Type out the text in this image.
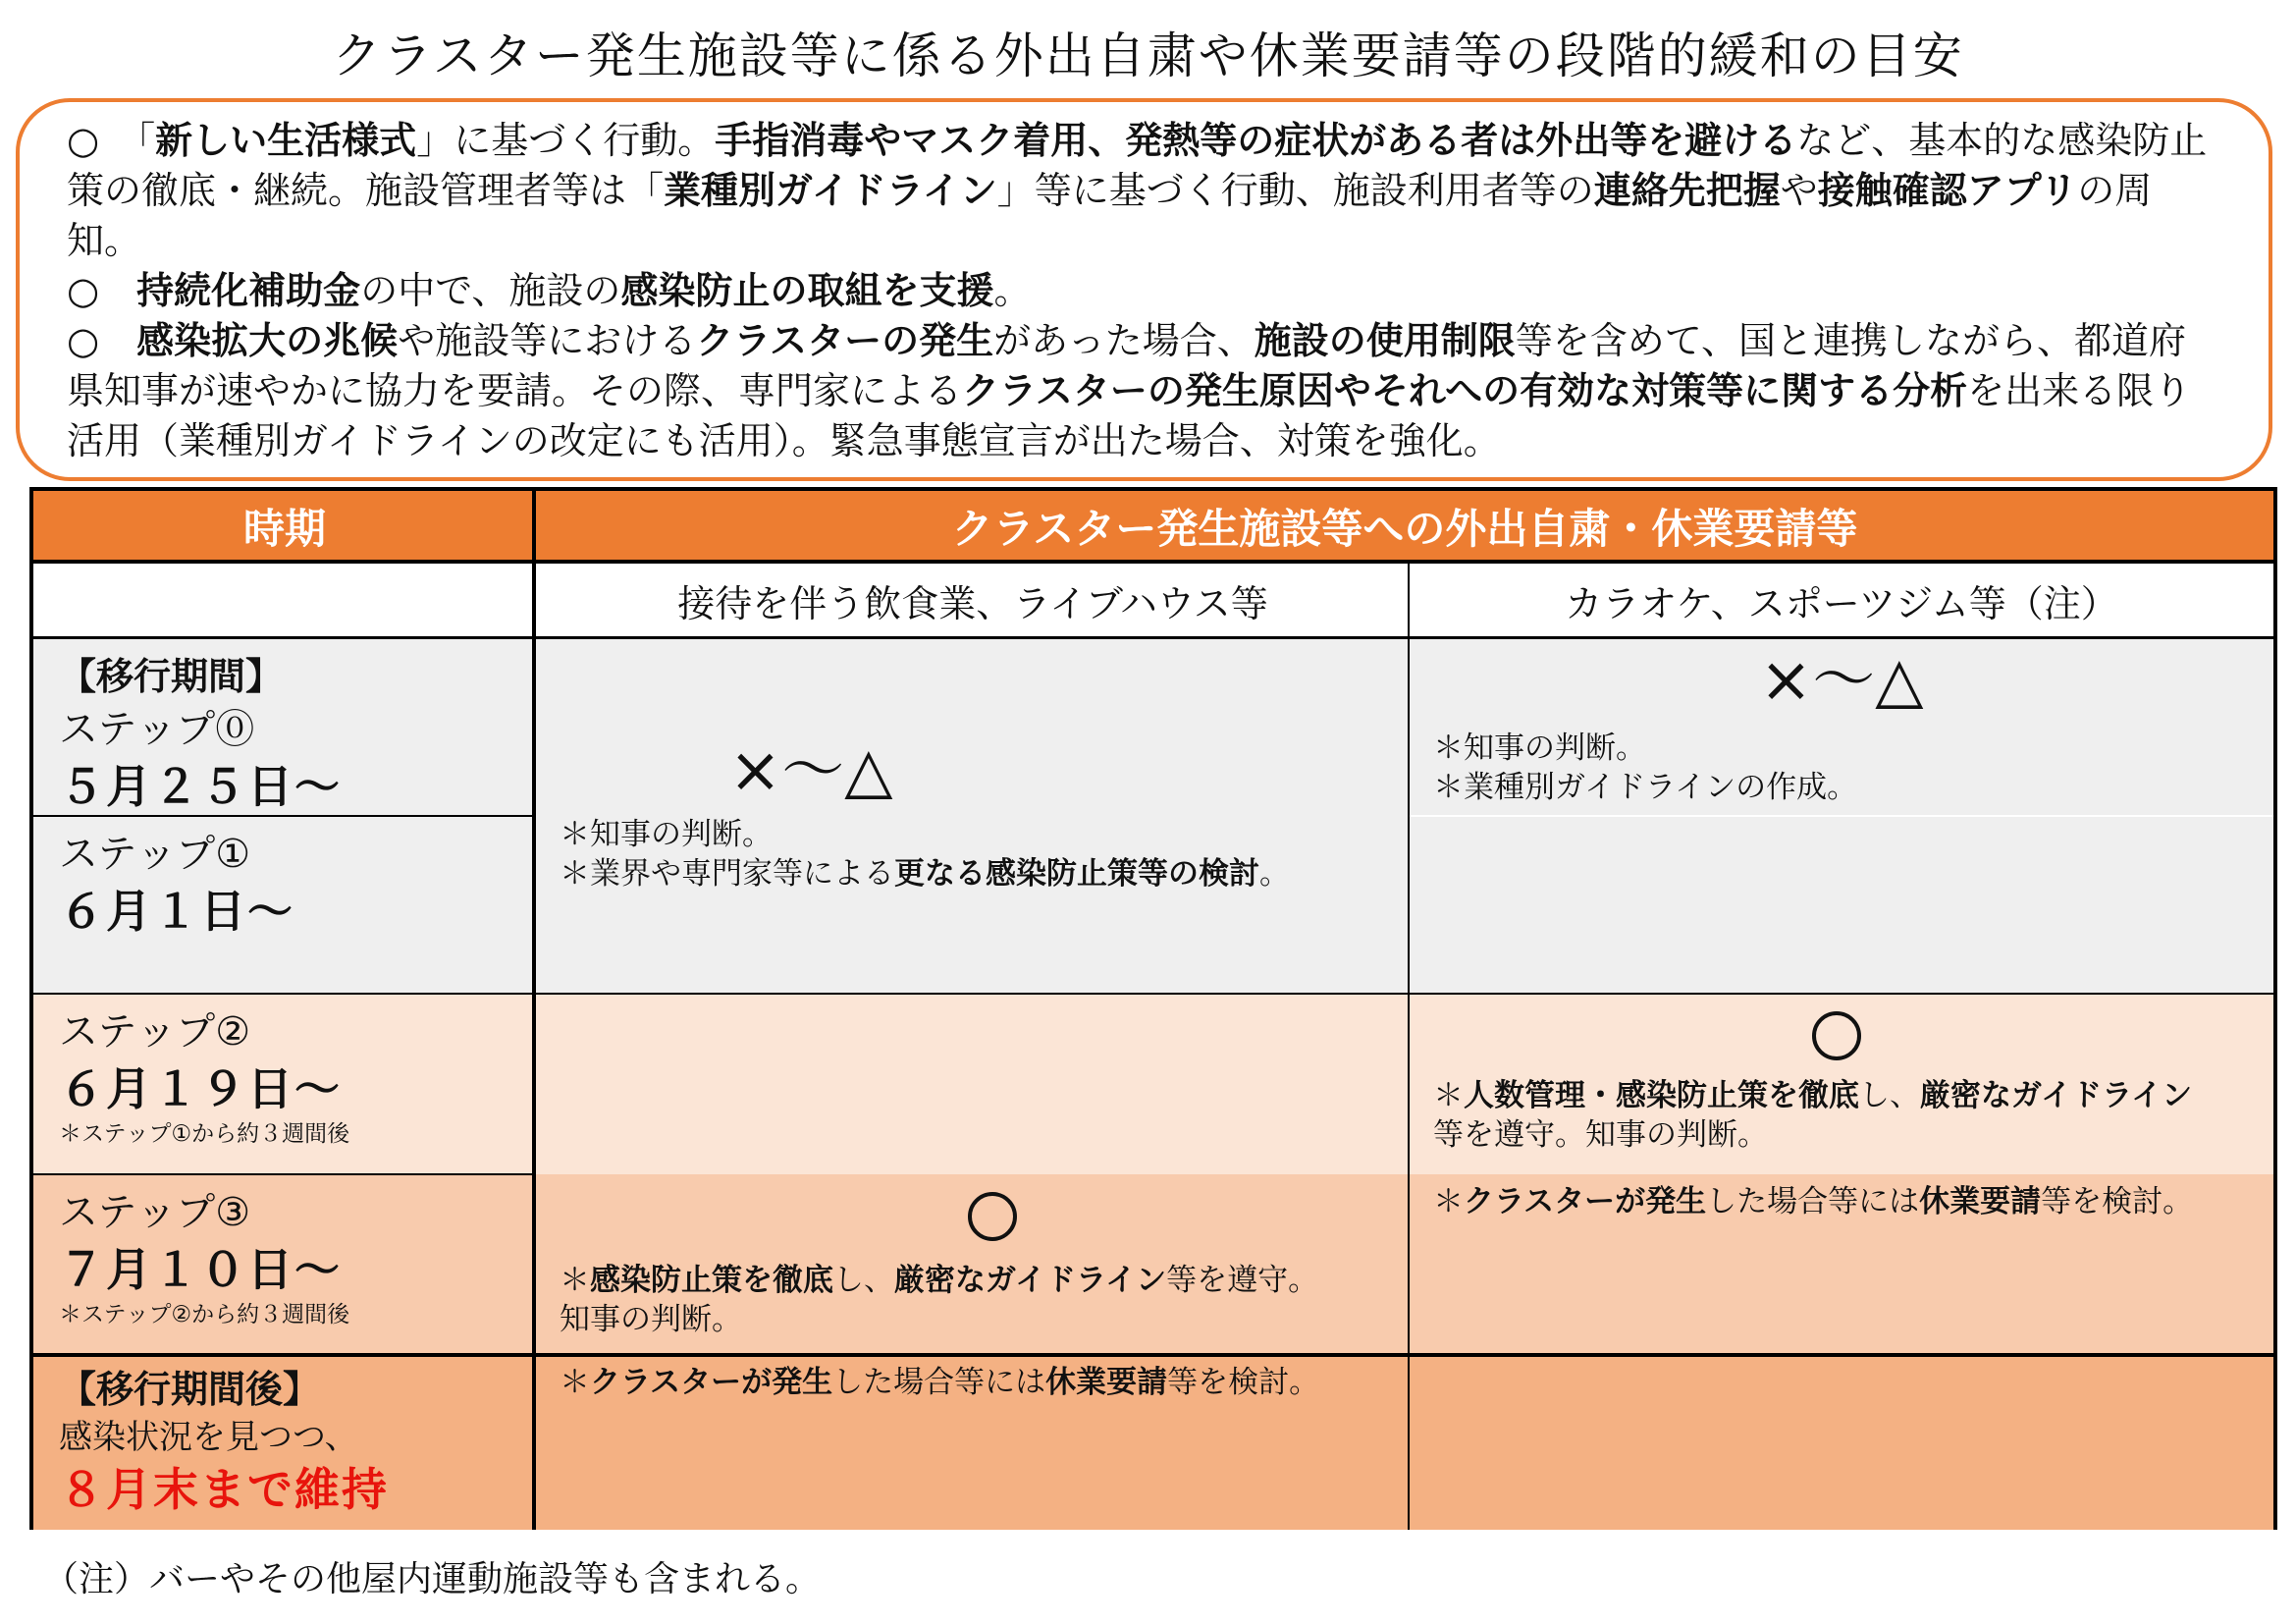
クラスター発生施設等に係る外出自粛や休業要請等の段階的緩和の目安

○　「新しい生活様式」に基づく行動。手指消毒やマスク着用、発熱等の症状がある者は外出等を避けるなど、基本的な感染防止策の徹底・継続。施設管理者等は「業種別ガイドライン」等に基づく行動、施設利用者等の連絡先把握や接触確認アプリの周知。

○　持続化補助金の中で、施設の感染防止の取組を支援。

○　感染拡大の兆候や施設等におけるクラスターの発生があった場合、施設の使用制限等を含めて、国と連携しながら、都道府県知事が速やかに協力を要請。その際、専門家によるクラスターの発生原因やそれへの有効な対策等に関する分析を出来る限り活用（業種別ガイドラインの改定にも活用）。緊急事態宣言が出た場合、対策を強化。

時期	クラスター発生施設等への外出自粛・休業要請等
接待を伴う飲食業、ライブハウス等	カラオケ、スポーツジム等（注）
【移行期間】
ステップ⓪
５月２５日～
ステップ①
６月１日～
ステップ②
６月１９日～
＊ステップ①から約３週間後
ステップ③
７月１０日～
＊ステップ②から約３週間後
【移行期間後】
感染状況を見つつ、
８月末まで維持
×～△
＊知事の判断。
＊業界や専門家等による更なる感染防止策等の検討。
＊感染防止策を徹底し、厳密なガイドライン等を遵守。
知事の判断。
＊クラスターが発生した場合等には休業要請等を検討。
×～△
＊知事の判断。
＊業種別ガイドラインの作成。
＊人数管理・感染防止策を徹底し、厳密なガイドライン
等を遵守。知事の判断。
＊クラスターが発生した場合等には休業要請等を検討。
（注）バーやその他屋内運動施設等も含まれる。
